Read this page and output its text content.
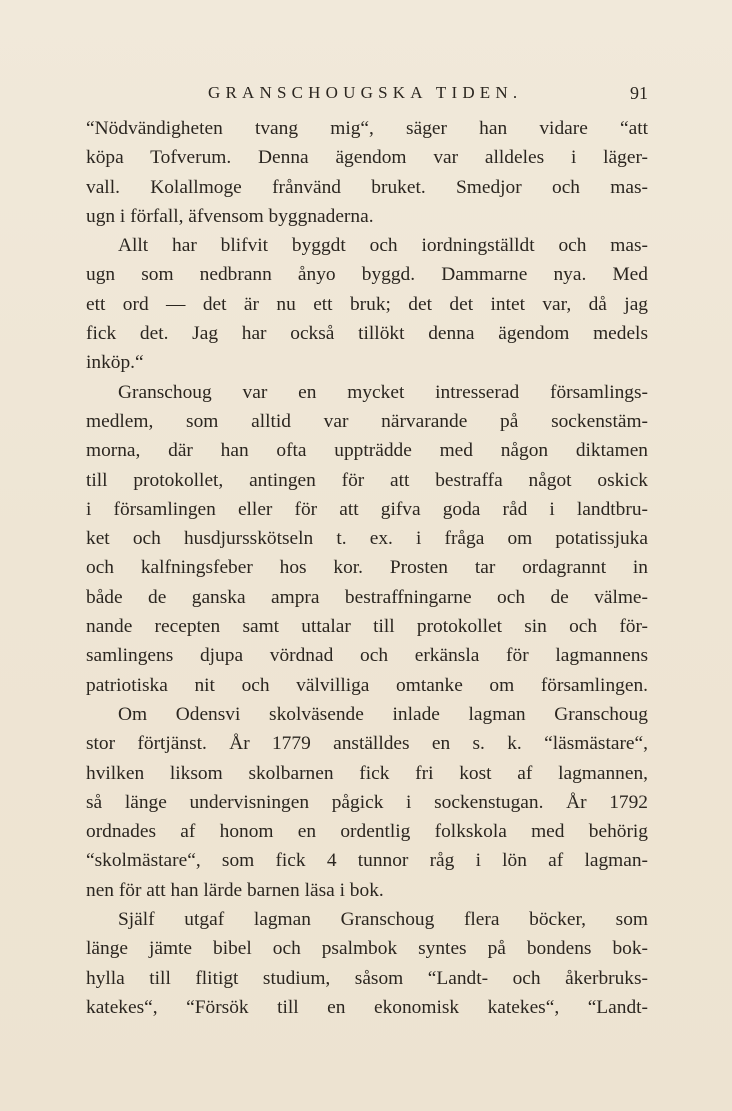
GRANSCHOUGSKA TIDEN.	91
“Nödvändigheten tvang mig“, säger han vidare “att
köpa Tofverum. Denna ägendom var alldeles i läger-
vall. Kolallmoge frånvänd bruket. Smedjor och mas-
ugn i förfall, äfvensom byggnaderna.
Allt har blifvit byggdt och iordningställdt och mas-
ugn som nedbrann ånyo byggd. Dammarne nya. Med
ett ord — det är nu ett bruk; det det intet var, då jag
fick det. Jag har också tillökt denna ägendom medels
inköp.“
Granschoug var en mycket intresserad församlings-
medlem, som alltid var närvarande på sockenstäm-
morna, där han ofta uppträdde med någon diktamen
till protokollet, antingen för att bestraffa något oskick
i församlingen eller för att gifva goda råd i landtbru-
ket och husdjursskötseln t. ex. i fråga om potatissjuka
och kalfningsfeber hos kor. Prosten tar ordagrannt in
både de ganska ampra bestraffningarne och de välme-
nande recepten samt uttalar till protokollet sin och för-
samlingens djupa vördnad och erkänsla för lagmannens
patriotiska nit och välvilliga omtanke om församlingen.
Om Odensvi skolväsende inlade lagman Granschoug
stor förtjänst. År 1779 anställdes en s. k. “läsmästare“,
hvilken liksom skolbarnen fick fri kost af lagmannen,
så länge undervisningen pågick i sockenstugan. År 1792
ordnades af honom en ordentlig folkskola med behörig
“skolmästare“, som fick 4 tunnor råg i lön af lagman-
nen för att han lärde barnen läsa i bok.
Själf utgaf lagman Granschoug flera böcker, som
länge jämte bibel och psalmbok syntes på bondens bok-
hylla till flitigt studium, såsom “Landt- och åkerbruks-
katekes“, “Försök till en ekonomisk katekes“, “Landt-
